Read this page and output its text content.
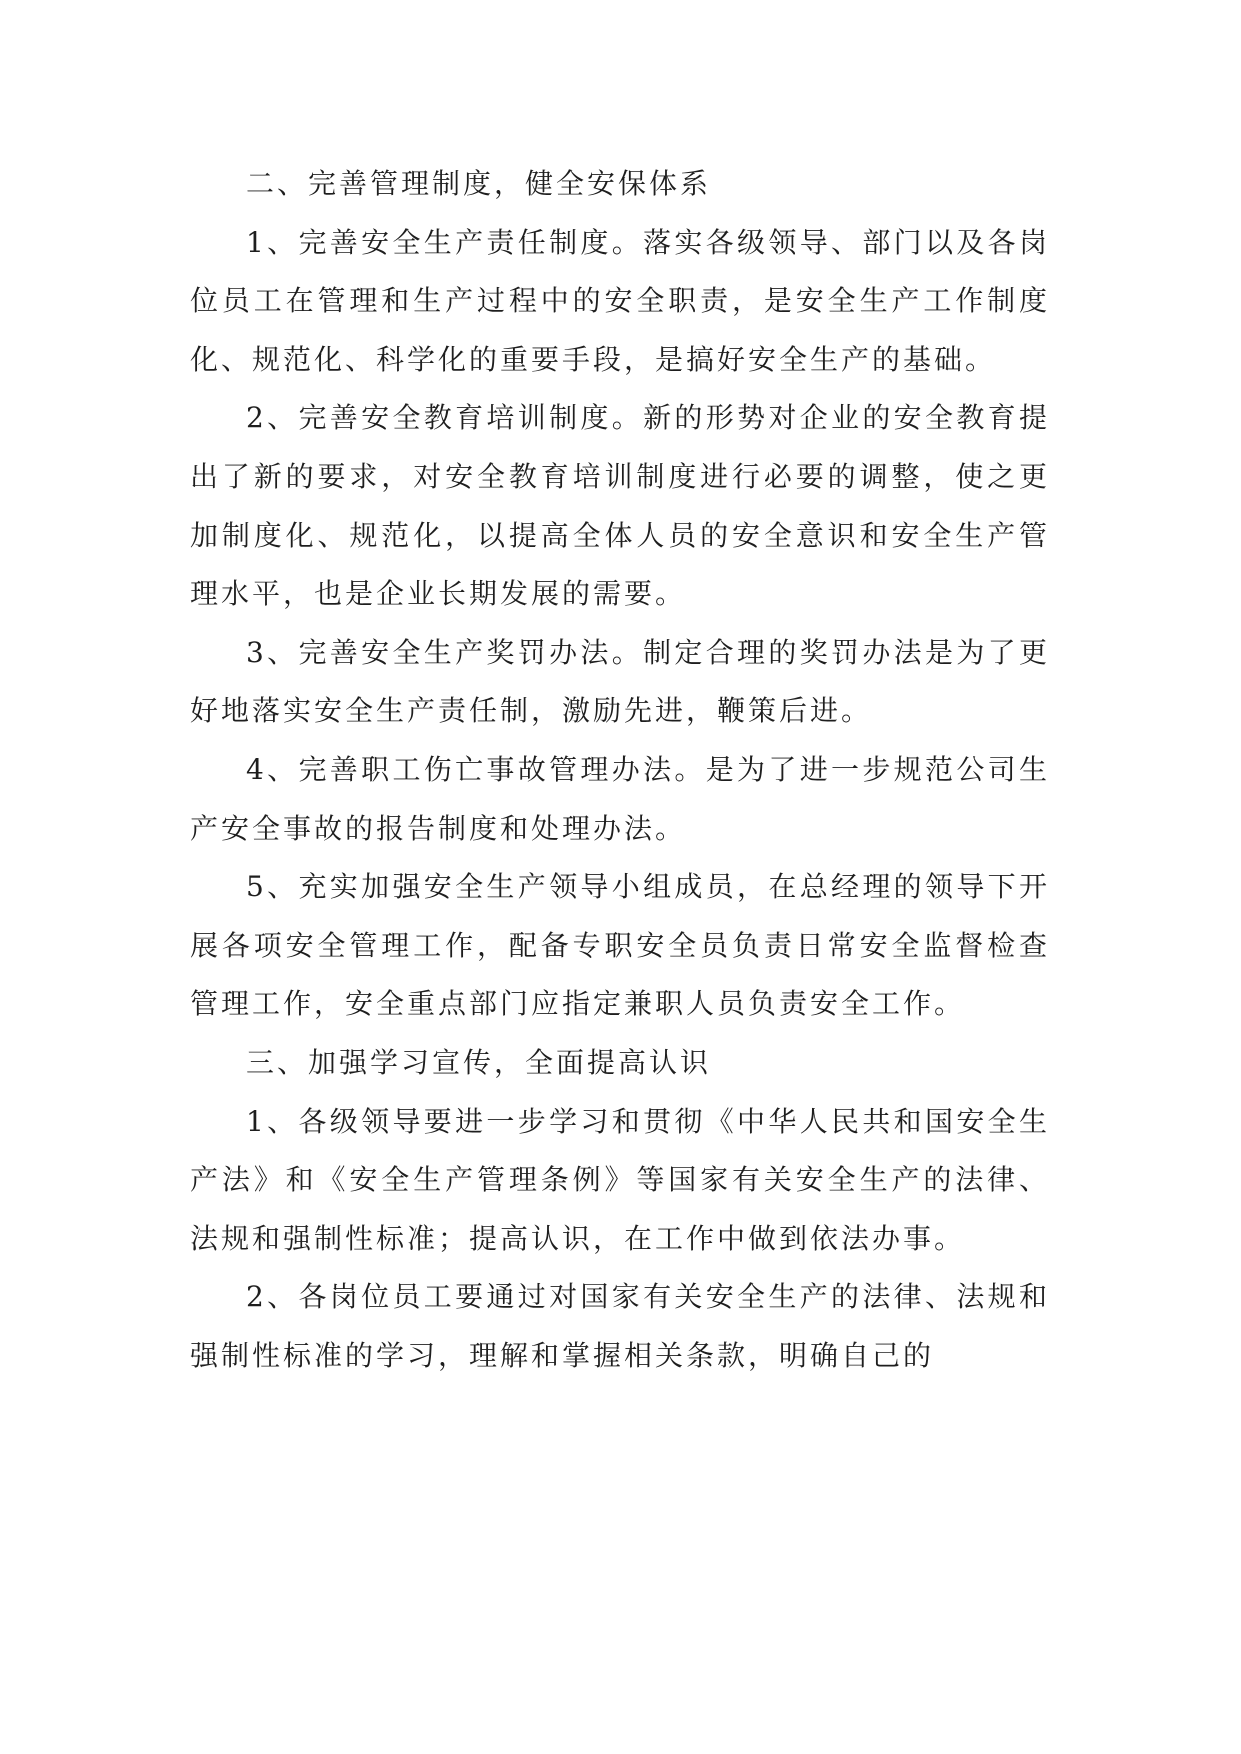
二、完善管理制度，健全安保体系

1、完善安全生产责任制度。落实各级领导、部门以及各岗位员工在管理和生产过程中的安全职责，是安全生产工作制度化、规范化、科学化的重要手段，是搞好安全生产的基础。

2、完善安全教育培训制度。新的形势对企业的安全教育提出了新的要求，对安全教育培训制度进行必要的调整，使之更加制度化、规范化，以提高全体人员的安全意识和安全生产管理水平，也是企业长期发展的需要。

3、完善安全生产奖罚办法。制定合理的奖罚办法是为了更好地落实安全生产责任制，激励先进，鞭策后进。

4、完善职工伤亡事故管理办法。是为了进一步规范公司生产安全事故的报告制度和处理办法。

5、充实加强安全生产领导小组成员，在总经理的领导下开展各项安全管理工作，配备专职安全员负责日常安全监督检查管理工作，安全重点部门应指定兼职人员负责安全工作。

三、加强学习宣传，全面提高认识

1、各级领导要进一步学习和贯彻《中华人民共和国安全生产法》和《安全生产管理条例》等国家有关安全生产的法律、法规和强制性标准；提高认识，在工作中做到依法办事。

2、各岗位员工要通过对国家有关安全生产的法律、法规和强制性标准的学习，理解和掌握相关条款，明确自己的
